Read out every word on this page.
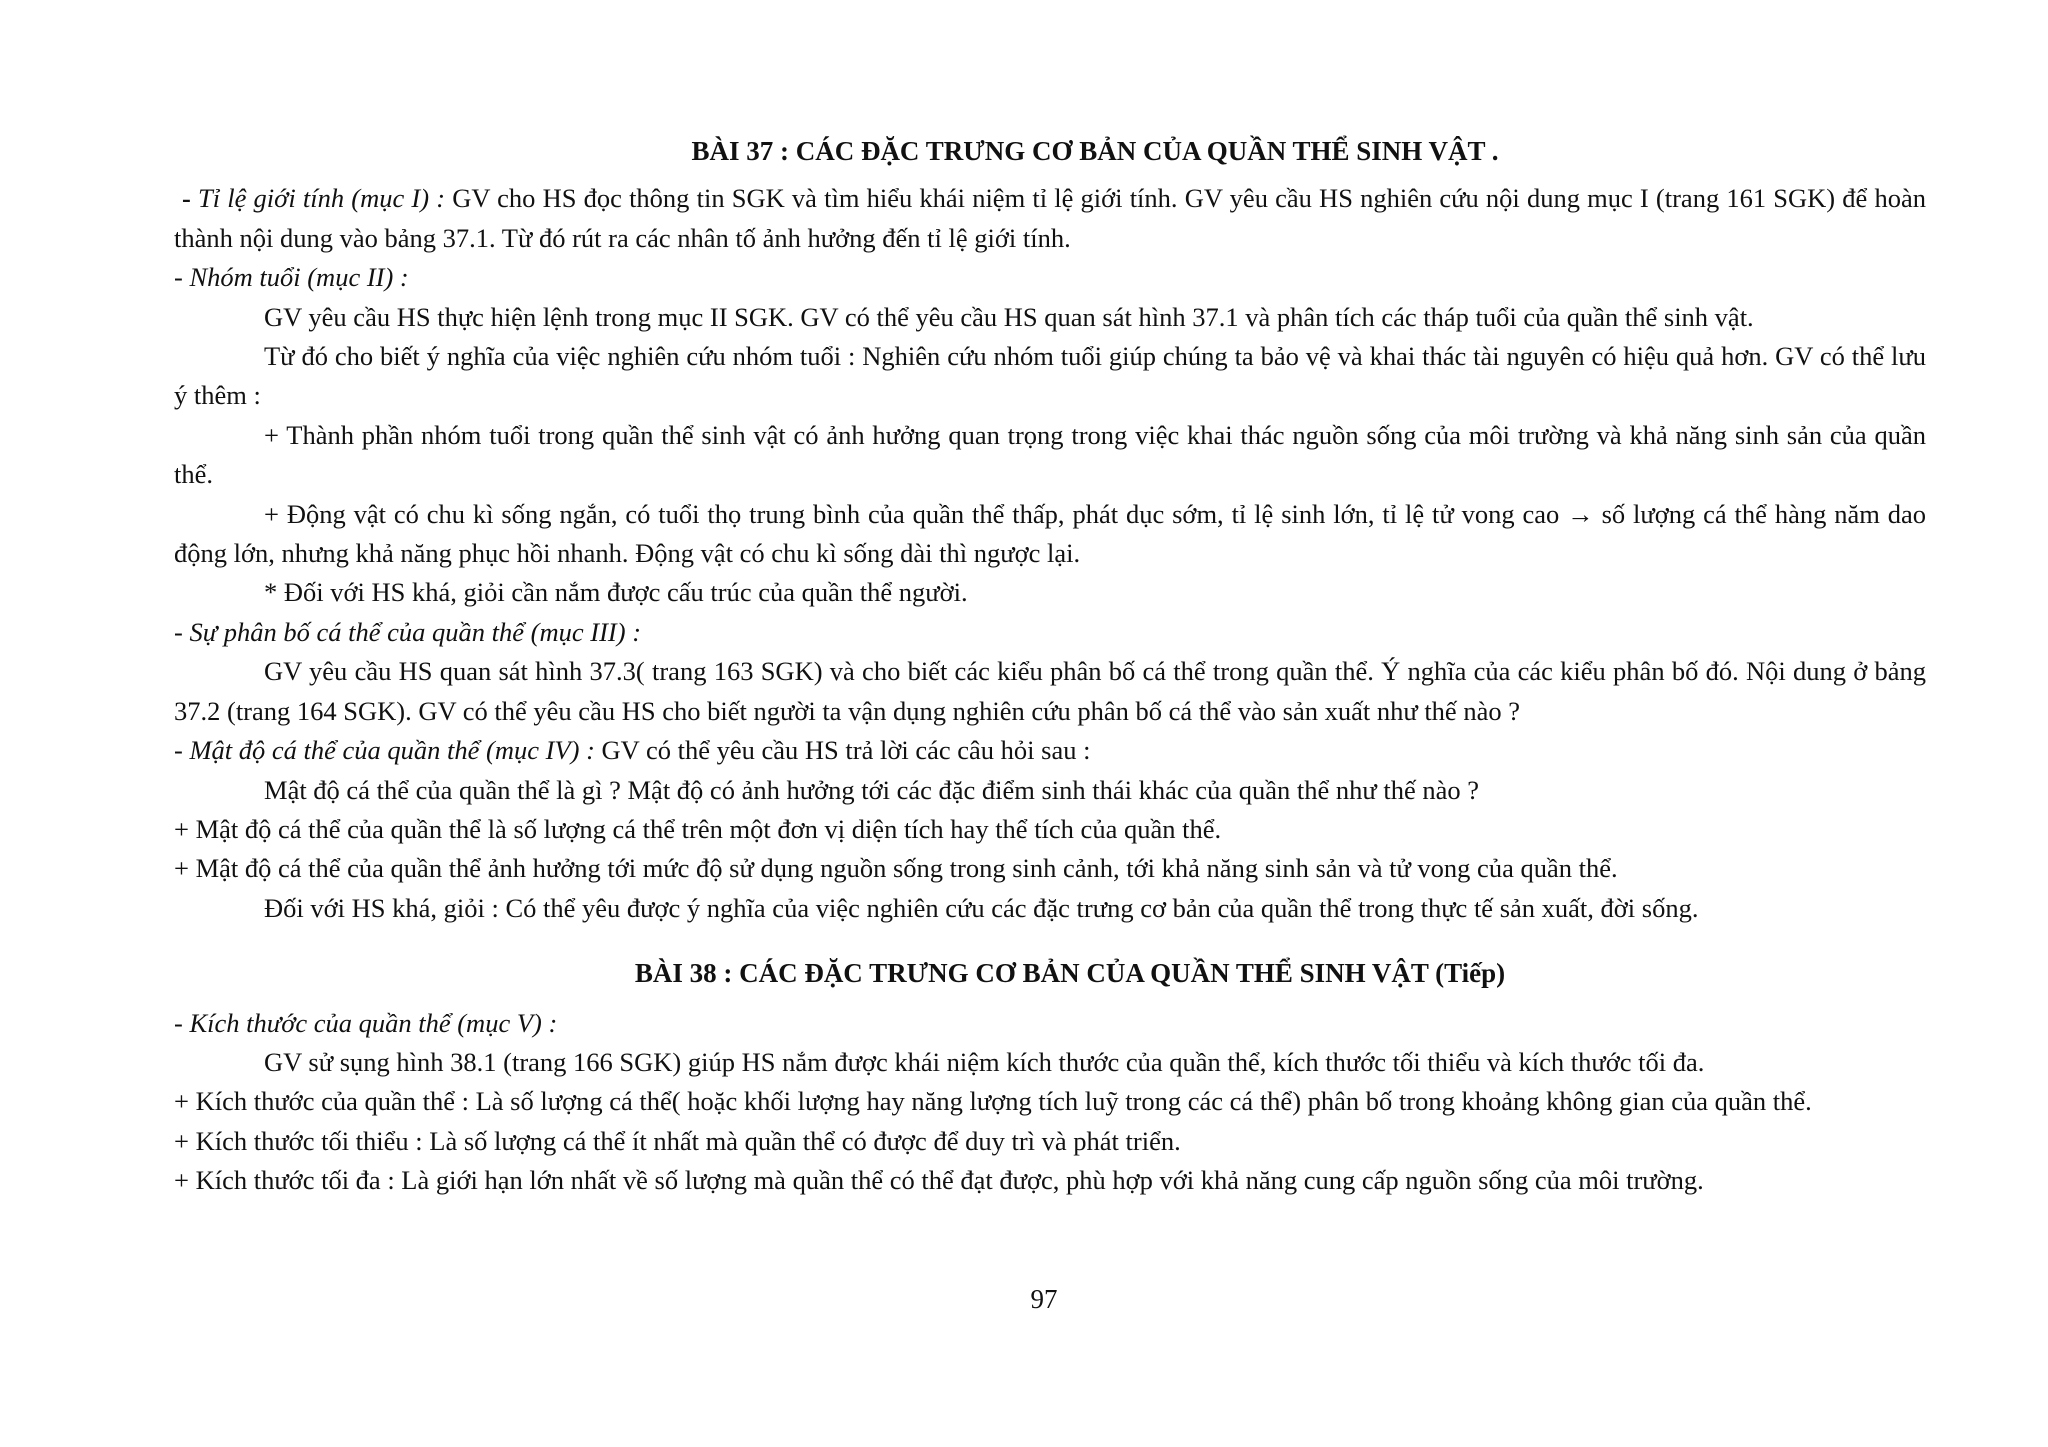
BÀI 37 : CÁC ĐẶC TRƯNG CƠ BẢN CỦA QUẦN THỂ SINH VẬT .

- Tỉ lệ giới tính (mục I) : GV cho HS đọc thông tin SGK và tìm hiểu khái niệm tỉ lệ giới tính. GV yêu cầu HS nghiên cứu nội dung mục I (trang 161 SGK) để hoàn thành nội dung vào bảng 37.1. Từ đó rút ra các nhân tố ảnh hưởng đến tỉ lệ giới tính.

- Nhóm tuổi (mục II) :

GV yêu cầu HS thực hiện lệnh trong mục II SGK. GV có thể yêu cầu HS quan sát hình 37.1 và phân tích các tháp tuổi của quần thể sinh vật.

Từ đó cho biết ý nghĩa của việc nghiên cứu nhóm tuổi : Nghiên cứu nhóm tuổi giúp chúng ta bảo vệ và khai thác tài nguyên có hiệu quả hơn. GV có thể lưu ý thêm :

+ Thành phần nhóm tuổi trong quần thể sinh vật có ảnh hưởng quan trọng trong việc khai thác nguồn sống của môi trường và khả năng sinh sản của quần thể.

+ Động vật có chu kì sống ngắn, có tuổi thọ trung bình của quần thể thấp, phát dục sớm, tỉ lệ sinh lớn, tỉ lệ tử vong cao → số lượng cá thể hàng năm dao động lớn, nhưng khả năng phục hồi nhanh. Động vật có chu kì sống dài thì ngược lại.

* Đối với HS khá, giỏi cần nắm được cấu trúc của quần thể người.

- Sự phân bố cá thể của quần thể (mục III) :

GV yêu cầu HS quan sát hình 37.3( trang 163 SGK) và cho biết các kiểu phân bố cá thể trong quần thể. Ý nghĩa của các kiểu phân bố đó. Nội dung ở bảng 37.2 (trang 164 SGK). GV có thể yêu cầu HS cho biết người ta vận dụng nghiên cứu phân bố cá thể vào sản xuất như thế nào ?

- Mật độ cá thể của quần thể (mục IV) : GV có thể yêu cầu HS trả lời các câu hỏi sau :

Mật độ cá thể của quần thể là gì ? Mật độ có ảnh hưởng tới các đặc điểm sinh thái khác của quần thể như thế nào ?

+ Mật độ cá thể của quần thể là số lượng cá thể trên một đơn vị diện tích hay thể tích của quần thể.

+ Mật độ cá thể của quần thể ảnh hưởng tới mức độ sử dụng nguồn sống trong sinh cảnh, tới khả năng sinh sản và tử vong của quần thể.

Đối với HS khá, giỏi : Có thể yêu được ý nghĩa của việc nghiên cứu các đặc trưng cơ bản của quần thể trong thực tế sản xuất, đời sống.

BÀI 38 : CÁC ĐẶC TRƯNG CƠ BẢN CỦA QUẦN THỂ SINH VẬT (Tiếp)

- Kích thước của quần thể (mục V) :

GV sử sụng hình 38.1 (trang 166 SGK) giúp HS nắm được khái niệm kích thước của quần thể, kích thước tối thiểu và kích thước tối đa.

+ Kích thước của quần thể : Là số lượng cá thể( hoặc khối lượng hay năng lượng tích luỹ trong các cá thể) phân bố trong khoảng không gian của quần thể.

+ Kích thước tối thiểu : Là số lượng cá thể ít nhất mà quần thể có được để duy trì và phát triển.

+ Kích thước tối đa : Là giới hạn lớn nhất về số lượng mà quần thể có thể đạt được, phù hợp với khả năng cung cấp nguồn sống của môi trường.

97
